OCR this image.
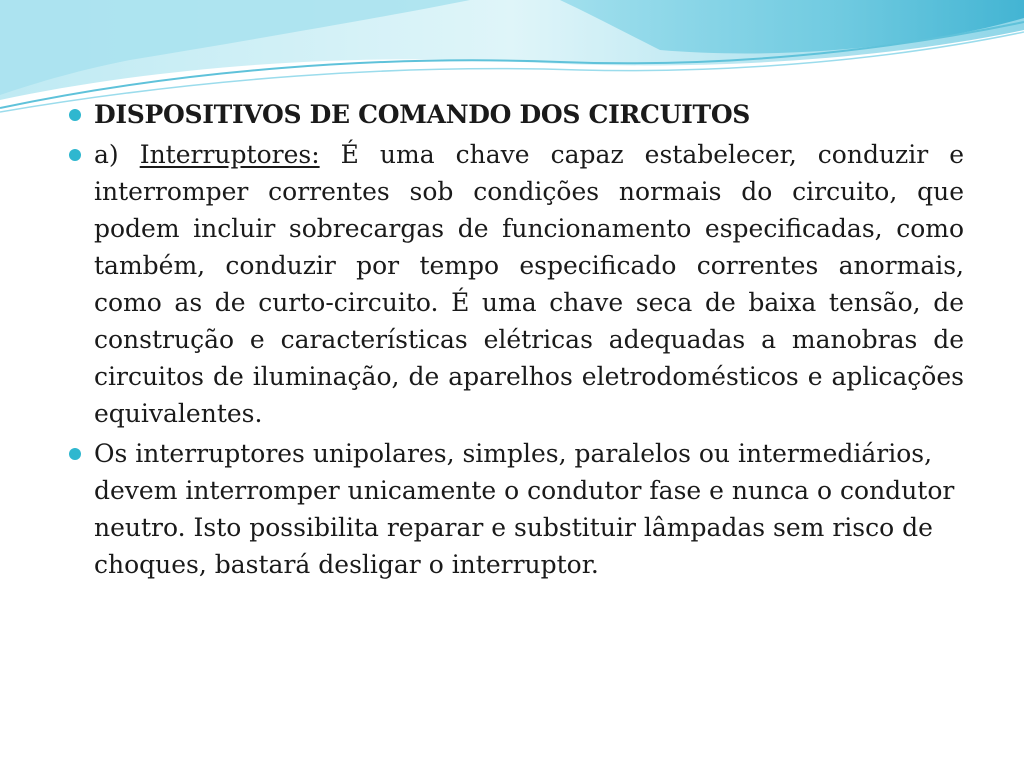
DISPOSITIVOS DE COMANDO DOS CIRCUITOS
a) Interruptores: É uma chave capaz estabelecer, conduzir e interromper correntes sob condições normais do circuito, que podem incluir sobrecargas de funcionamento especificadas, como também, conduzir por tempo especificado correntes anormais, como as de curto-circuito. É uma chave seca de baixa tensão, de construção e características elétricas adequadas a manobras de circuitos de iluminação, de aparelhos eletrodomésticos e aplicações equivalentes.
Os interruptores unipolares, simples, paralelos ou intermediários, devem interromper unicamente o condutor fase e nunca o condutor neutro. Isto possibilita reparar e substituir lâmpadas sem risco de choques, bastará desligar o interruptor.
